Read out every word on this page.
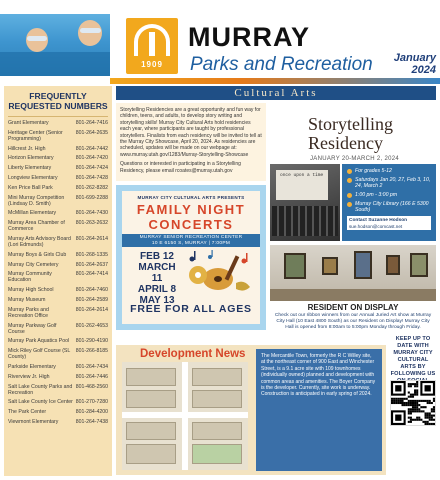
1909
MURRAY
Parks and Recreation	January
2024
FREQUENTLY REQUESTED NUMBERS
Grant Elementary	801-264-7416
Heritage Center (Senior Programming)
801-264-2635
Hillcrest Jr. High	801-264-7442
Horizon Elementary	801-264-7420
Liberty Elementary	801-264-7424
Longview Elementary	801-264-7428
Ken Price Ball Park	801-262-8282
Mini Murray Competition (Lindsay D. Smith)
801-699-2288
McMillan Elementary	801-264-7430
Murray Area Chamber of Commerce
801-263-2632
Murray Arts Advisory Board (Lori Edmunds)
801-264-2614
Murray Boys & Girls Club	801-268-1335
Murray City Cemetery	801-264-2637
Murray Community Education
801-264-7414
Murray High School	801-264-7460
Murray Museum	801-264-2589
Murray Parks and Recreation Office
801-264-2614
Murray Parkway Golf Course
801-262-4653
Murray Park Aquatics Pool	801-290-4190
Mick Riley Golf Course (SL County)
801-266-8185
Parkside Elementary	801-264-7434
Riverview Jr. High	801-264-7446
Salt Lake County Parks and Recreation
801-468-2560
Salt Lake County Ice Center 801-270-7280
The Park Center	801-284-4200
Viewmont Elementary	801-264-7438
Cultural Arts

Storytelling Residencies are a great opportunity and fun way for children, teens, and adults, to develop story writing and storytelling skills! Murray City Cultural Arts hold residencies each year, where participants are taught by professional storytellers. Finalists from each residency will be invited to tell at the Murray City Showcase, April 20, 2024. As residencies are scheduled, updates will be made on our webpage at: www.murray.utah.gov/1283/Murray-Storytelling-Showcase

Questions or interested in participating in a Storytelling Residency, please email rcoates@murray.utah.gov

Storytelling
Residency
JANUARY 20-MARCH 2, 2024
once upon a time
For grades 5-12
Saturdays Jan 20, 27, Feb 3, 10, 24, March 2
1:00 pm - 3:00 pm
Murray City Library (166 E 5300 South)
Contact Suzanne Hodson
sue.hodson@comcast.net
MURRAY CITY CULTURAL ARTS PRESENTS
FAMILY NIGHT
CONCERTS
MURRAY SENIOR RECREATION CENTER
10 E 6150 S, MURRAY | 7:00PM
FEB 12
MARCH 11
APRIL 8
MAY 13
FREE FOR ALL AGES	RESIDENT ON DISPLAY
Check out our ribbon winners from our Annual Juried Art show at Murray City Hall (10 East 4800 South) as our Resident on Display! Murray City Hall is opened from 8:00am to 5:00pm Monday through Friday.
Development News	The Mercantile Town, formerly the R C Willey site, at the northeast corner of 900 East and Winchester Street, is a 9.1 acre site with 109 townhomes (individually owned) planned and development with common areas and amenities. The Boyer Company is the developer. Currently, site work is underway. Construction is anticipated in early spring of 2024.
KEEP UP TO DATE WITH MURRAY CITY CULTURAL ARTS BY FOLLOWING US
